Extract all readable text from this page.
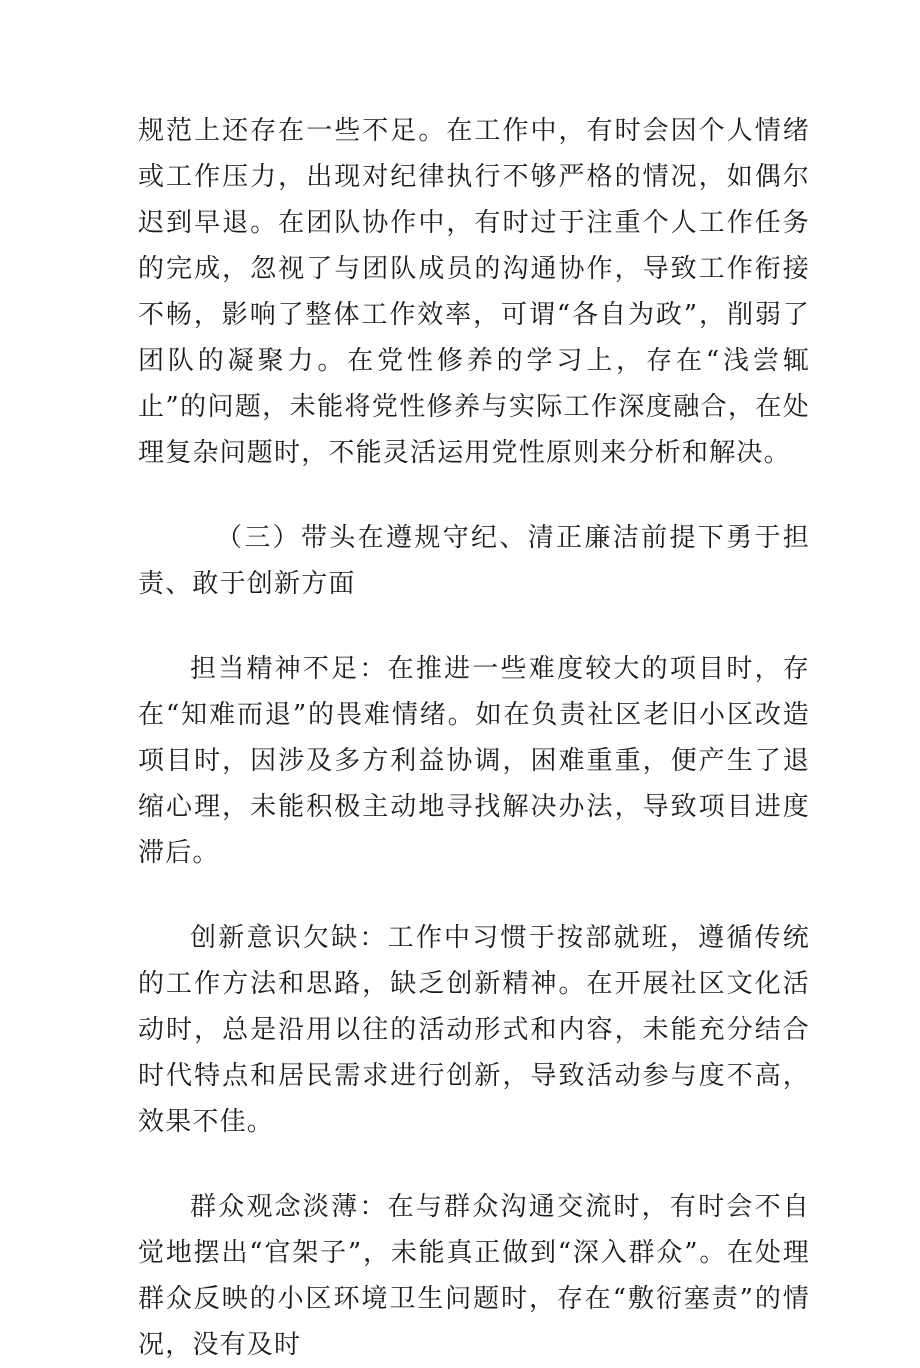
规范上还存在一些不足。在工作中，有时会因个人情绪或工作压力，出现对纪律执行不够严格的情况，如偶尔迟到早退。在团队协作中，有时过于注重个人工作任务的完成，忽视了与团队成员的沟通协作，导致工作衔接不畅，影响了整体工作效率，可谓“各自为政”，削弱了团队的凝聚力。在党性修养的学习上，存在“浅尝辄止”的问题，未能将党性修养与实际工作深度融合，在处理复杂问题时，不能灵活运用党性原则来分析和解决。

（三）带头在遵规守纪、清正廉洁前提下勇于担责、敢于创新方面

担当精神不足：在推进一些难度较大的项目时，存在“知难而退”的畏难情绪。如在负责社区老旧小区改造项目时，因涉及多方利益协调，困难重重，便产生了退缩心理，未能积极主动地寻找解决办法，导致项目进度滞后。

创新意识欠缺：工作中习惯于按部就班，遵循传统的工作方法和思路，缺乏创新精神。在开展社区文化活动时，总是沿用以往的活动形式和内容，未能充分结合时代特点和居民需求进行创新，导致活动参与度不高，效果不佳。

群众观念淡薄：在与群众沟通交流时，有时会不自觉地摆出“官架子”，未能真正做到“深入群众”。在处理群众反映的小区环境卫生问题时，存在“敷衍塞责”的情况，没有及时
